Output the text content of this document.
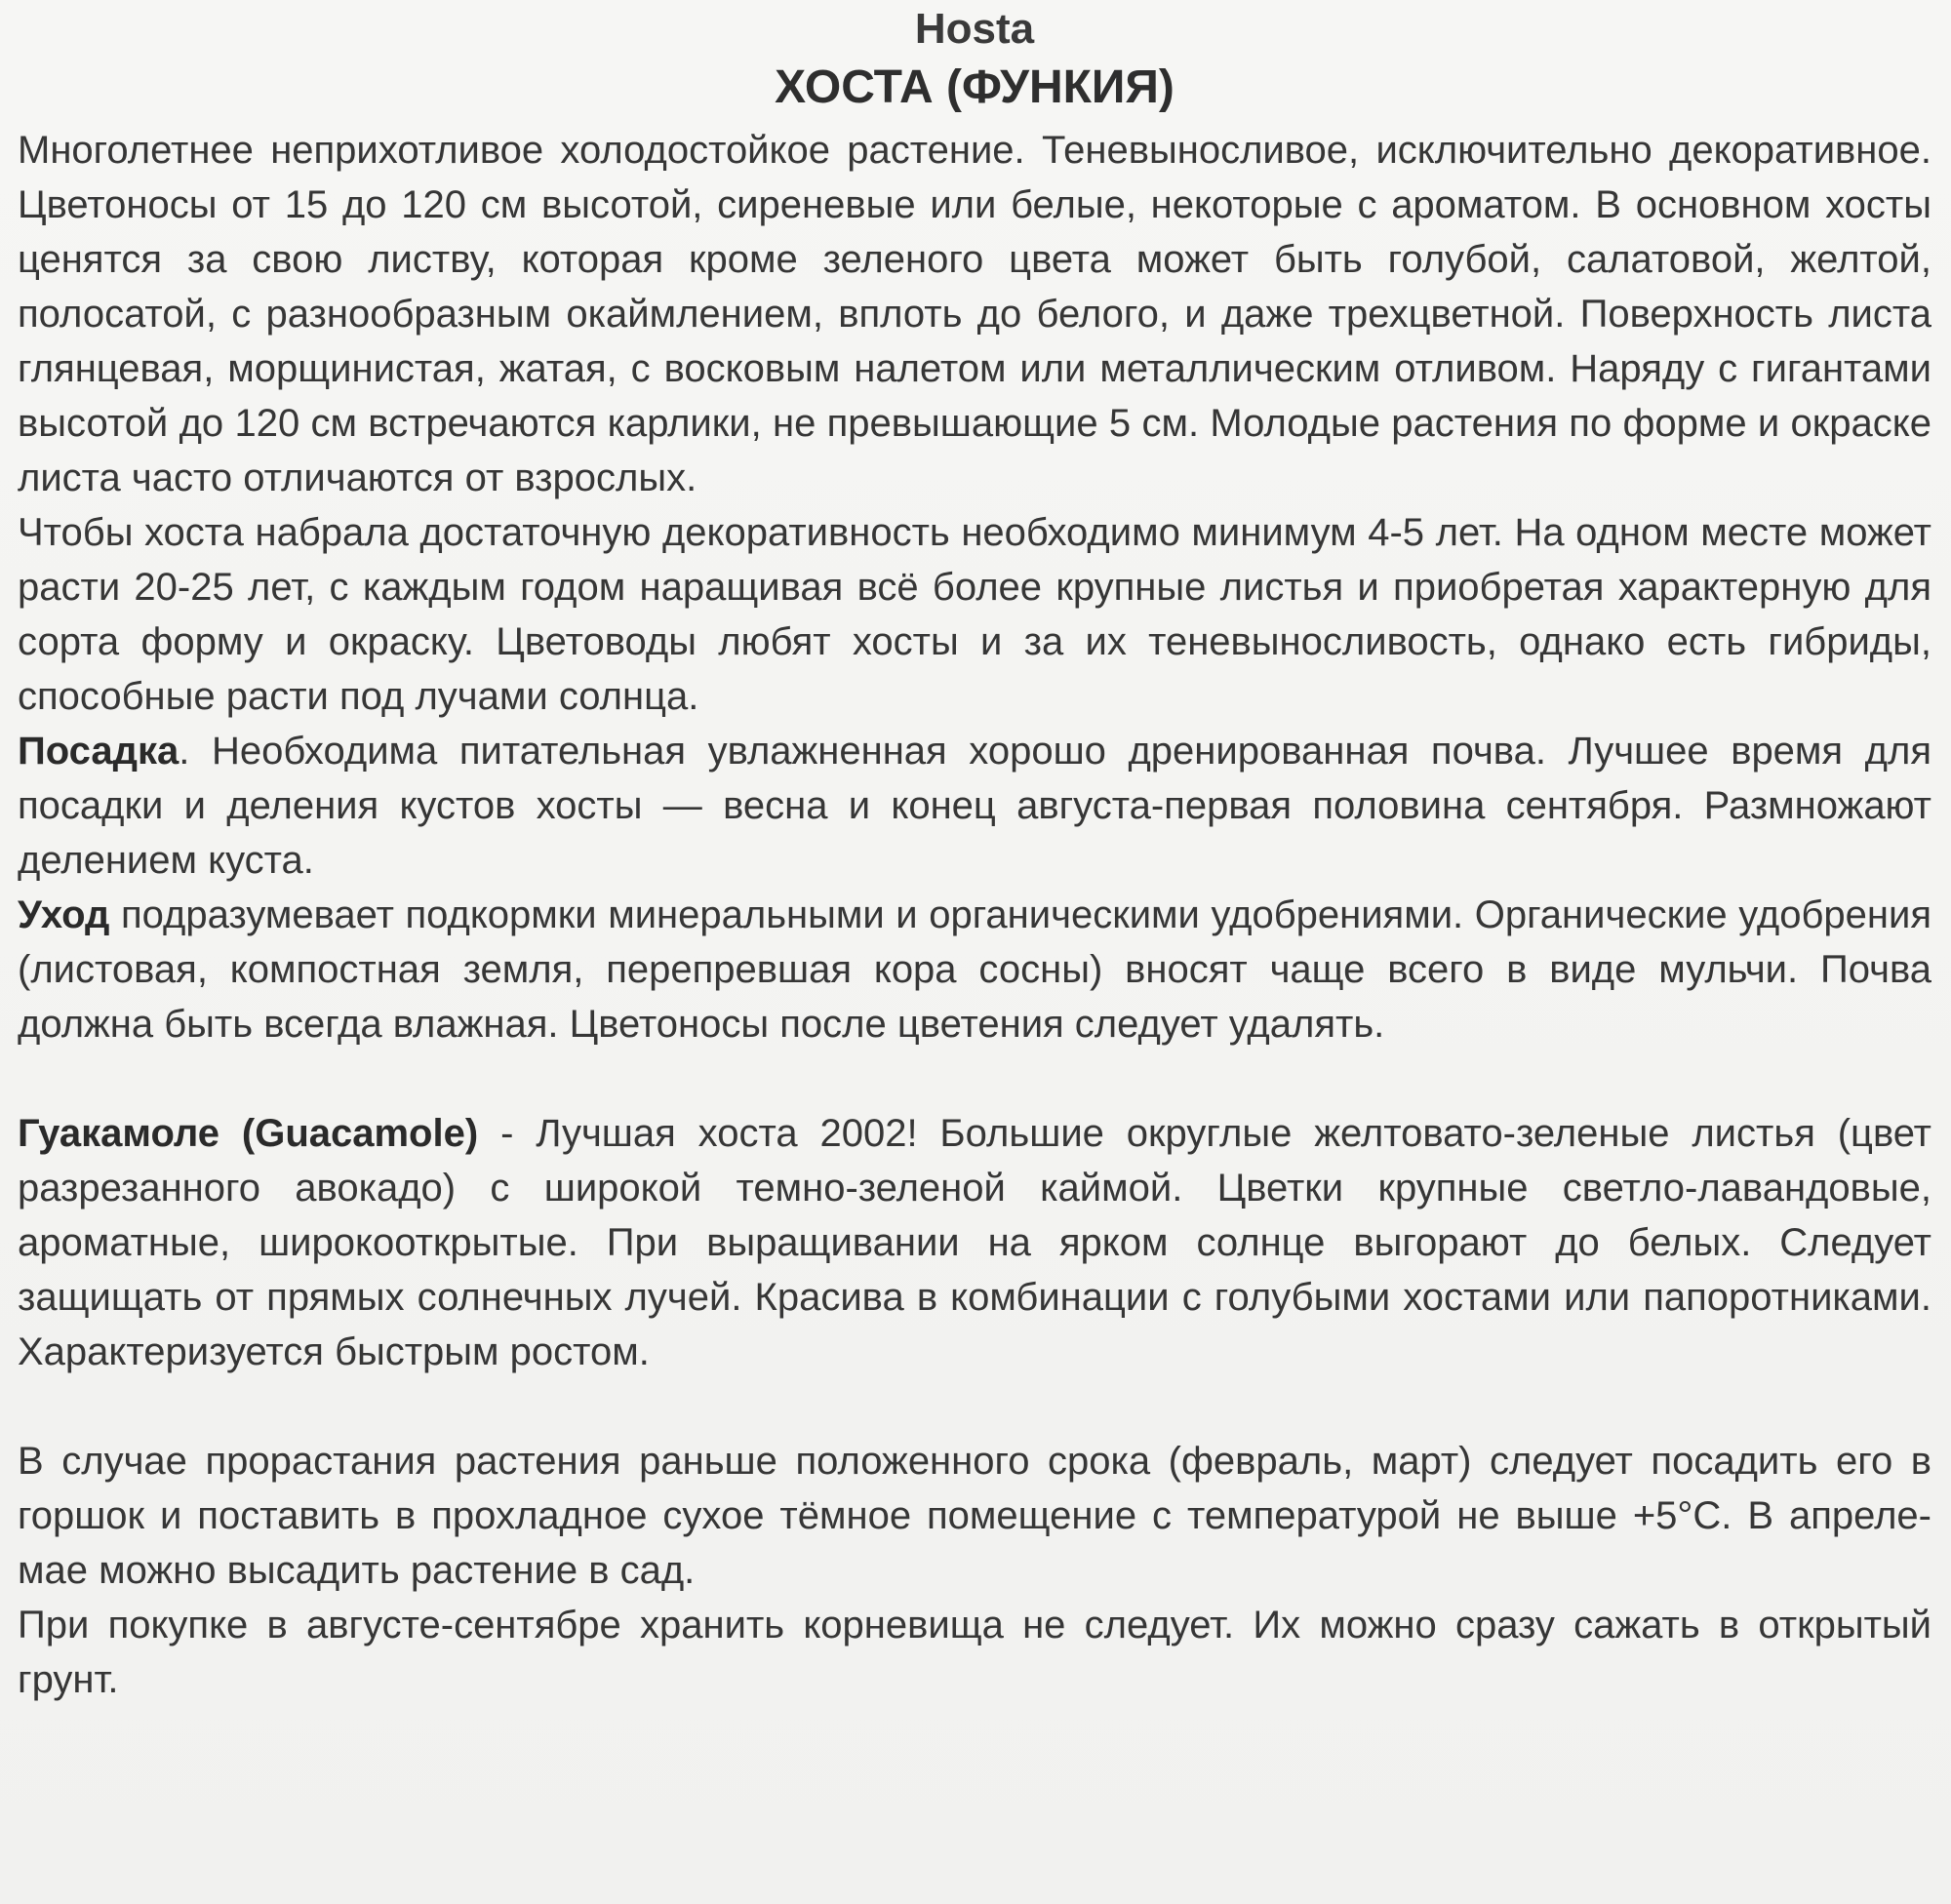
Hosta
ХОСТА (ФУНКИЯ)

Многолетнее неприхотливое холодостойкое растение. Теневыносливое, исключительно декоративное. Цветоносы от 15 до 120 см высотой, сиреневые или белые, некоторые с ароматом. В основном хосты ценятся за свою листву, которая кроме зеленого цвета может быть голубой, салатовой, желтой, полосатой, с разнообразным окаймлением, вплоть до белого, и даже трехцветной. Поверхность листа глянцевая, морщинистая, жатая, с восковым налетом или металлическим отливом. Наряду с гигантами высотой до 120 см встречаются карлики, не превышающие 5 см. Молодые растения по форме и окраске листа часто отличаются от взрослых.

Чтобы хоста набрала достаточную декоративность необходимо минимум 4-5 лет. На одном месте может расти 20-25 лет, с каждым годом наращивая всё более крупные листья и приобретая характерную для сорта форму и окраску. Цветоводы любят хосты и за их теневыносливость, однако есть гибриды, способные расти под лучами солнца.

Посадка. Необходима питательная увлажненная хорошо дренированная почва. Лучшее время для посадки и деления кустов хосты — весна и конец августа-первая половина сентября. Размножают делением куста.

Уход подразумевает подкормки минеральными и органическими удобрениями. Органические удобрения (листовая, компостная земля, перепревшая кора сосны) вносят чаще всего в виде мульчи. Почва должна быть всегда влажная. Цветоносы после цветения следует удалять.

Гуакамоле (Guacamole) - Лучшая хоста 2002! Большие округлые желтовато-зеленые листья (цвет разрезанного авокадо) с широкой темно-зеленой каймой. Цветки крупные светло-лавандовые, ароматные, широкооткрытые. При выращивании на ярком солнце выгорают до белых. Следует защищать от прямых солнечных лучей. Красива в комбинации с голубыми хостами или папоротниками. Характеризуется быстрым ростом.

В случае прорастания растения раньше положенного срока (февраль, март) следует посадить его в горшок и поставить в прохладное сухое тёмное помещение с температурой не выше +5°С. В апреле-мае можно высадить растение в сад.

При покупке в августе-сентябре хранить корневища не следует. Их можно сразу сажать в открытый грунт.
